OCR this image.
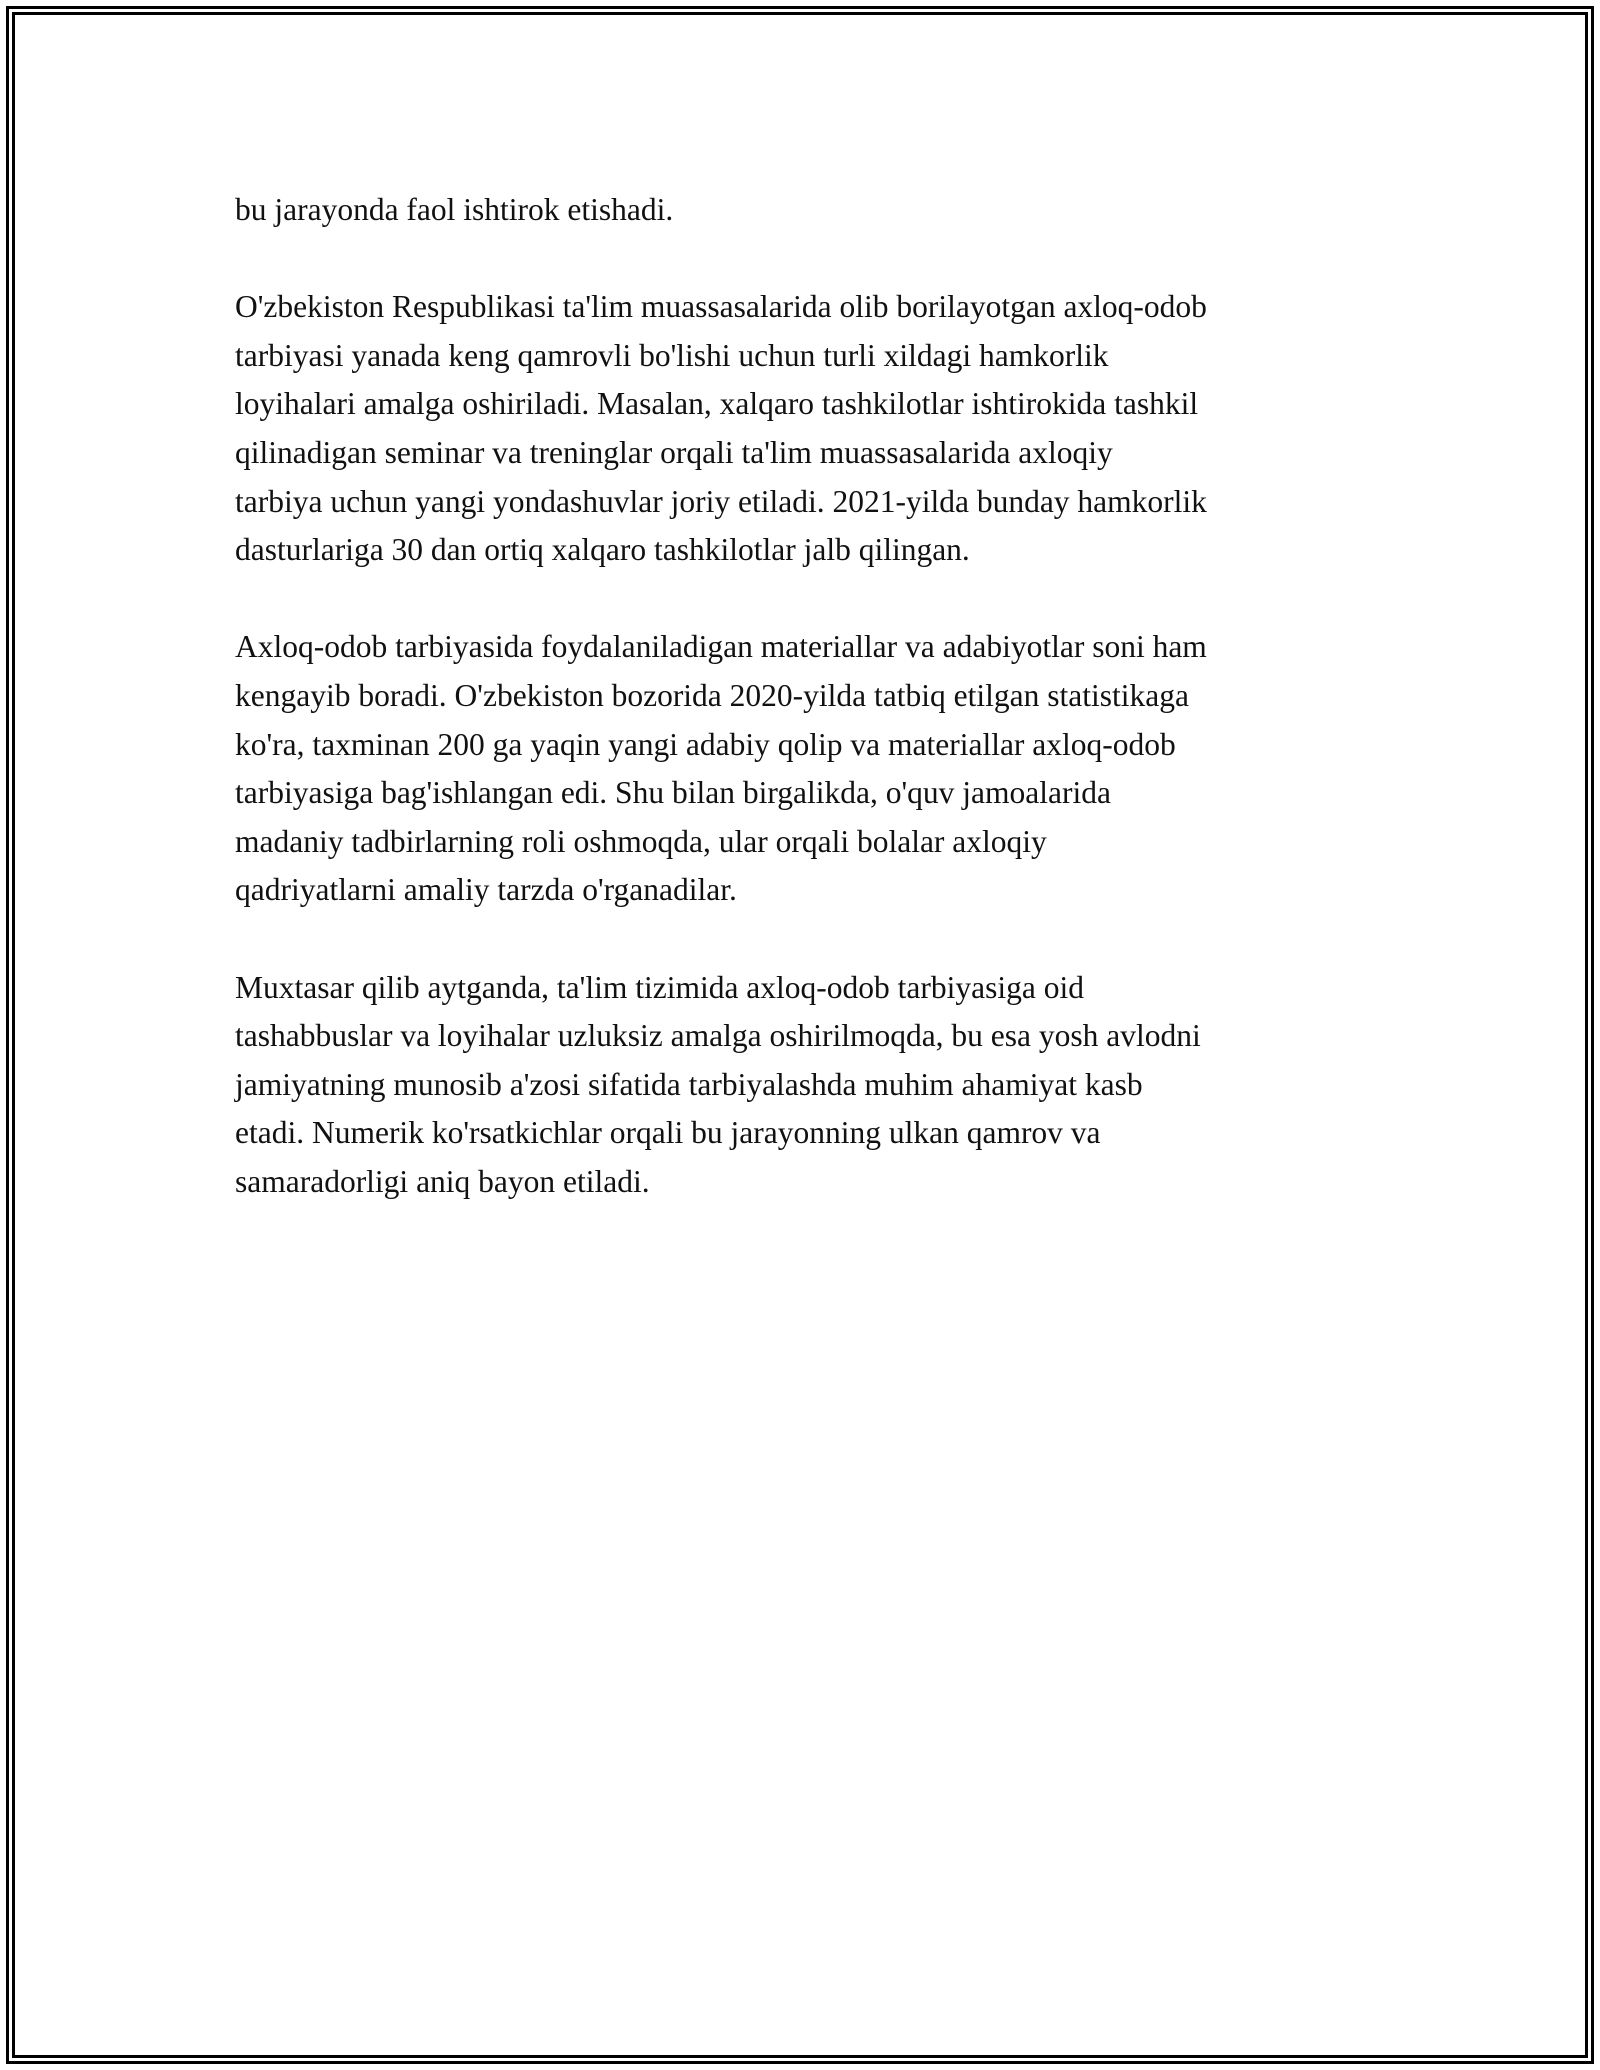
bu jarayonda faol ishtirok etishadi.

O'zbekiston Respublikasi ta'lim muassasalarida olib borilayotgan axloq-odob
tarbiyasi yanada keng qamrovli bo'lishi uchun turli xildagi hamkorlik
loyihalari amalga oshiriladi. Masalan, xalqaro tashkilotlar ishtirokida tashkil
qilinadigan seminar va treninglar orqali ta'lim muassasalarida axloqiy
tarbiya uchun yangi yondashuvlar joriy etiladi. 2021-yilda bunday hamkorlik
dasturlariga 30 dan ortiq xalqaro tashkilotlar jalb qilingan.

Axloq-odob tarbiyasida foydalaniladigan materiallar va adabiyotlar soni ham
kengayib boradi. O'zbekiston bozorida 2020-yilda tatbiq etilgan statistikaga
ko'ra, taxminan 200 ga yaqin yangi adabiy qolip va materiallar axloq-odob
tarbiyasiga bag'ishlangan edi. Shu bilan birgalikda, o'quv jamoalarida
madaniy tadbirlarning roli oshmoqda, ular orqali bolalar axloqiy
qadriyatlarni amaliy tarzda o'rganadilar.

Muxtasar qilib aytganda, ta'lim tizimida axloq-odob tarbiyasiga oid
tashabbuslar va loyihalar uzluksiz amalga oshirilmoqda, bu esa yosh avlodni
jamiyatning munosib a'zosi sifatida tarbiyalashda muhim ahamiyat kasb
etadi. Numerik ko'rsatkichlar orqali bu jarayonning ulkan qamrov va
samaradorligi aniq bayon etiladi.
